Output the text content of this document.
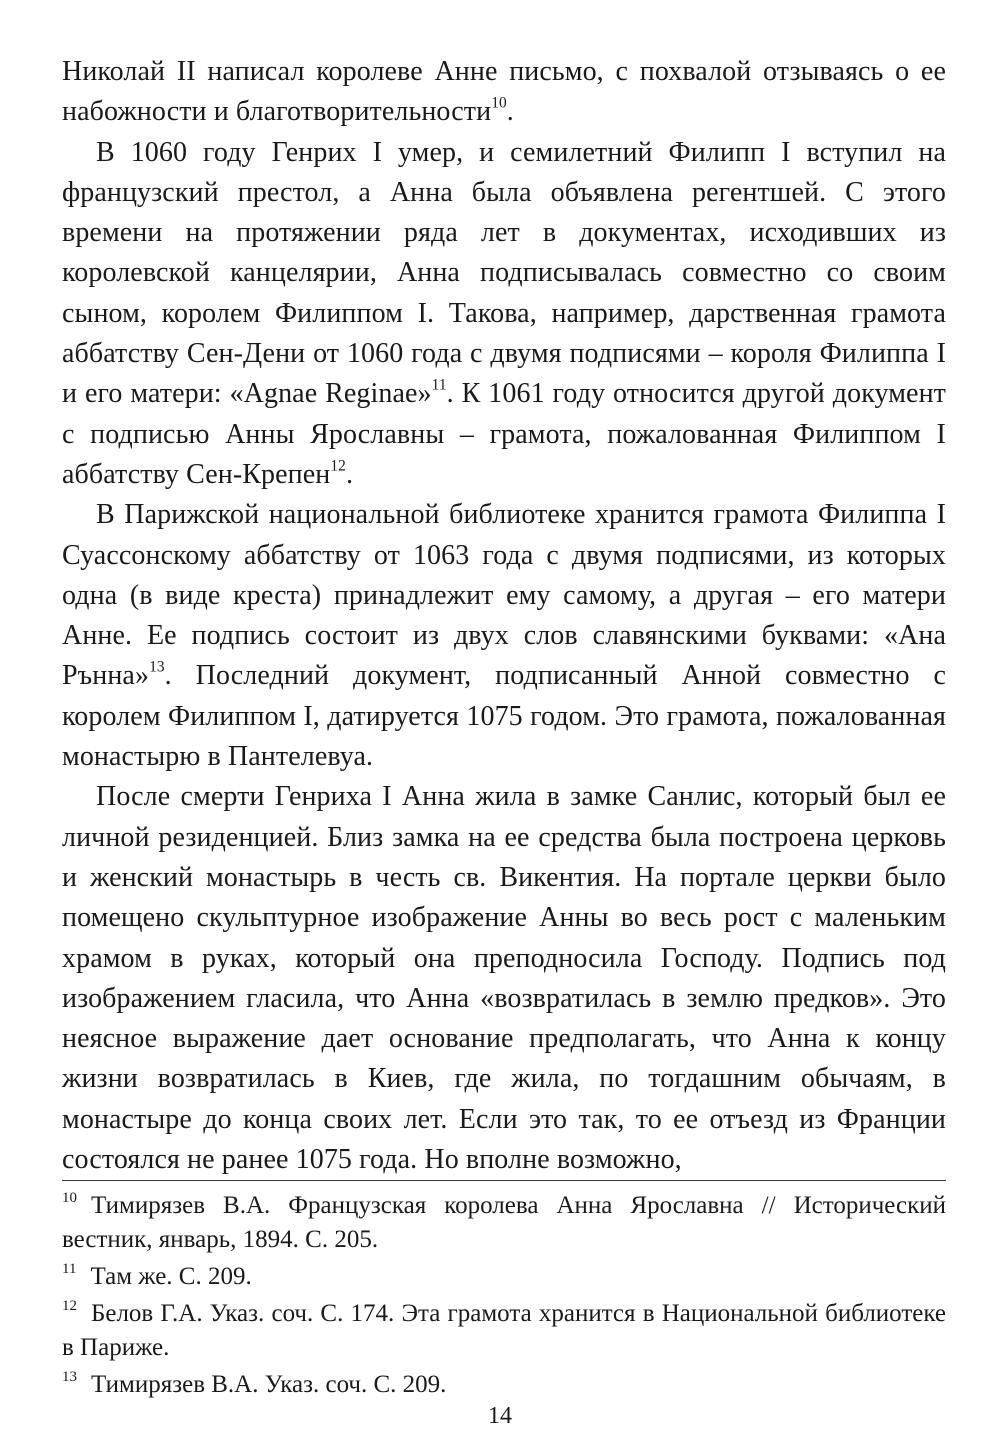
Николай II написал королеве Анне письмо, с похвалой отзываясь о ее набожности и благотворительности$^{10}$.

В 1060 году Генрих I умер, и семилетний Филипп I вступил на французский престол, а Анна была объявлена регентшей. С этого времени на протяжении ряда лет в документах, исходивших из королевской канцелярии, Анна подписывалась совместно со своим сыном, королем Филиппом I. Такова, например, дарственная грамота аббатству Сен-Дени от 1060 года с двумя подписями – короля Филиппа I и его матери: «Agnae Reginae»$^{11}$. К 1061 году относится другой документ с подписью Анны Ярославны – грамота, пожалованная Филиппом I аббатству Сен-Крепен$^{12}$.

В Парижской национальной библиотеке хранится грамота Филиппа I Суассонскому аббатству от 1063 года с двумя подписями, из которых одна (в виде креста) принадлежит ему самому, а другая – его матери Анне. Ее подпись состоит из двух слов славянскими буквами: «Ана Рънна»$^{13}$. Последний документ, подписанный Анной совместно с королем Филиппом I, датируется 1075 годом. Это грамота, пожалованная монастырю в Пантелевуа.

После смерти Генриха I Анна жила в замке Санлис, который был ее личной резиденцией. Близ замка на ее средства была построена церковь и женский монастырь в честь св. Викентия. На портале церкви было помещено скульптурное изображение Анны во весь рост с маленьким храмом в руках, который она преподносила Господу. Подпись под изображением гласила, что Анна «возвратилась в землю предков». Это неясное выражение дает основание предполагать, что Анна к концу жизни возвратилась в Киев, где жила, по тогдашним обычаям, в монастыре до конца своих лет. Если это так, то ее отъезд из Франции состоялся не ранее 1075 года. Но вполне возможно,

$^{10}$ Тимирязев В.А. Французская королева Анна Ярославна // Исторический вестник, январь, 1894. С. 205.

$^{11}$ Там же. С. 209.

$^{12}$ Белов Г.А. Указ. соч. С. 174. Эта грамота хранится в Национальной библиотеке в Париже.

$^{13}$ Тимирязев В.А. Указ. соч. С. 209.

14
